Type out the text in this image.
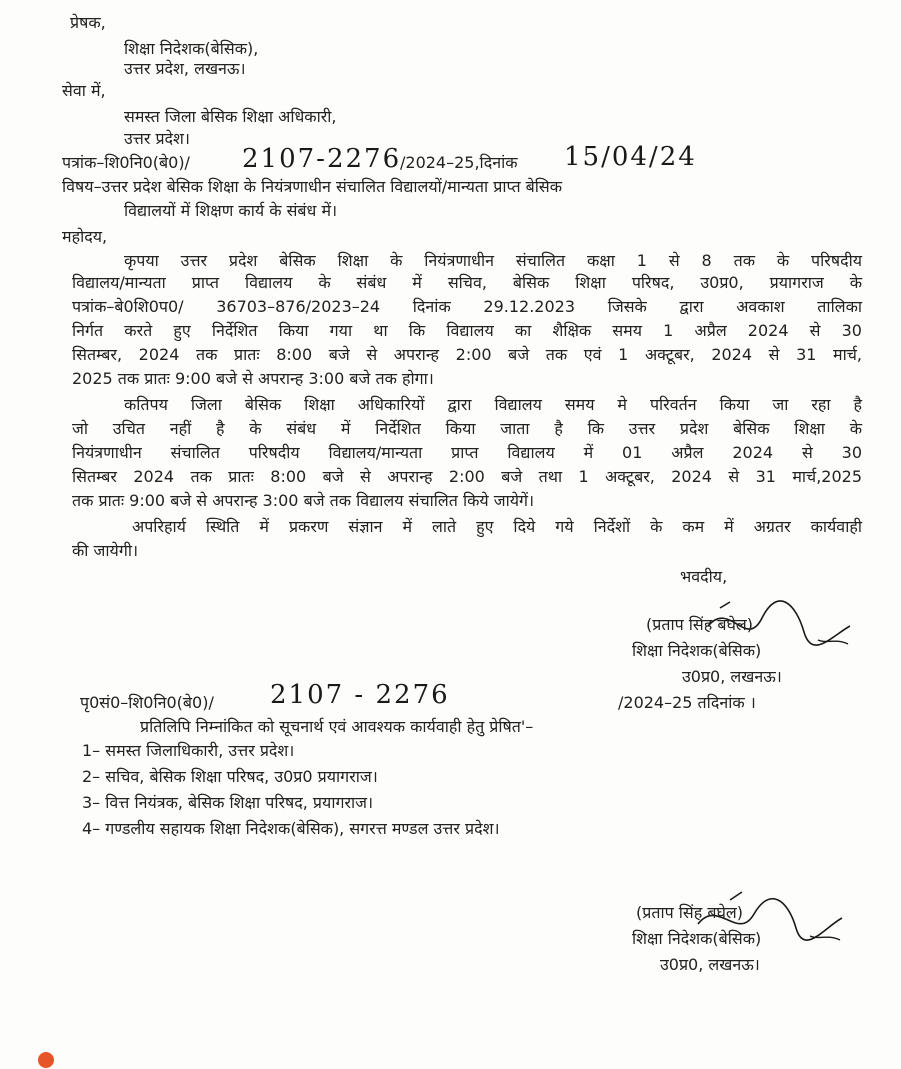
प्रेषक,
शिक्षा निदेशक(बेसिक),
उत्तर प्रदेश, लखनऊ।
सेवा में,
समस्त जिला बेसिक शिक्षा अधिकारी,
उत्तर प्रदेश।
पत्रांक–शि0नि0(बे0)/ 2107-2276
/2024–25,दिनांक 15/04/24
विषय–उत्तर प्रदेश बेसिक शिक्षा के नियंत्रणाधीन संचालित विद्यालयों/मान्यता प्राप्त बेसिक
विद्यालयों में शिक्षण कार्य के संबंध में।
महोदय,
कृपया उत्तर प्रदेश बेसिक शिक्षा के नियंत्रणाधीन संचालित कक्षा 1 से 8 तक के परिषदीय
विद्यालय/मान्यता प्राप्त विद्यालय के संबंध में सचिव, बेसिक शिक्षा परिषद, उ0प्र0, प्रयागराज के
पत्रांक–बे0शि0प0/ 36703–876/2023–24 दिनांक 29.12.2023 जिसके द्वारा अवकाश तालिका
निर्गत करते हुए निर्देशित किया गया था कि विद्यालय का शैक्षिक समय 1 अप्रैल 2024 से 30
सितम्बर, 2024 तक प्रातः 8:00 बजे से अपरान्ह 2:00 बजे तक एवं 1 अक्टूबर, 2024 से 31 मार्च,
2025 तक प्रातः 9:00 बजे से अपरान्ह 3:00 बजे तक होगा।
कतिपय जिला बेसिक शिक्षा अधिकारियों द्वारा विद्यालय समय मे परिवर्तन किया जा रहा है
जो उचित नहीं है के संबंध में निर्देशित किया जाता है कि उत्तर प्रदेश बेसिक शिक्षा के
नियंत्रणाधीन संचालित परिषदीय विद्यालय/मान्यता प्राप्त विद्यालय में 01 अप्रैल 2024 से 30
सितम्बर 2024 तक प्रातः 8:00 बजे से अपरान्ह 2:00 बजे तथा 1 अक्टूबर, 2024 से 31 मार्च,2025
तक प्रातः 9:00 बजे से अपरान्ह 3:00 बजे तक विद्यालय संचालित किये जायेगें।
अपरिहार्य स्थिति में प्रकरण संज्ञान में लाते हुए दिये गये निर्देशों के कम में अग्रतर कार्यवाही
की जायेगी।
भवदीय,
(प्रताप सिंह बघेल)
शिक्षा निदेशक(बेसिक)
उ0प्र0, लखनऊ।
पृ0सं0–शि0नि0(बे0)/ 2107 - 2276	/2024–25 तदिनांक ।
प्रतिलिपि निम्नांकित को सूचनार्थ एवं आवश्यक कार्यवाही हेतु प्रेषित'–
1– समस्त जिलाधिकारी, उत्तर प्रदेश।
2– सचिव, बेसिक शिक्षा परिषद, उ0प्र0 प्रयागराज।
3– वित्त नियंत्रक, बेसिक शिक्षा परिषद, प्रयागराज।
4– गण्डलीय सहायक शिक्षा निदेशक(बेसिक), सगरत्त मण्डल उत्तर प्रदेश।
(प्रताप सिंह बघेल)
शिक्षा निदेशक(बेसिक)
उ0प्र0, लखनऊ।
